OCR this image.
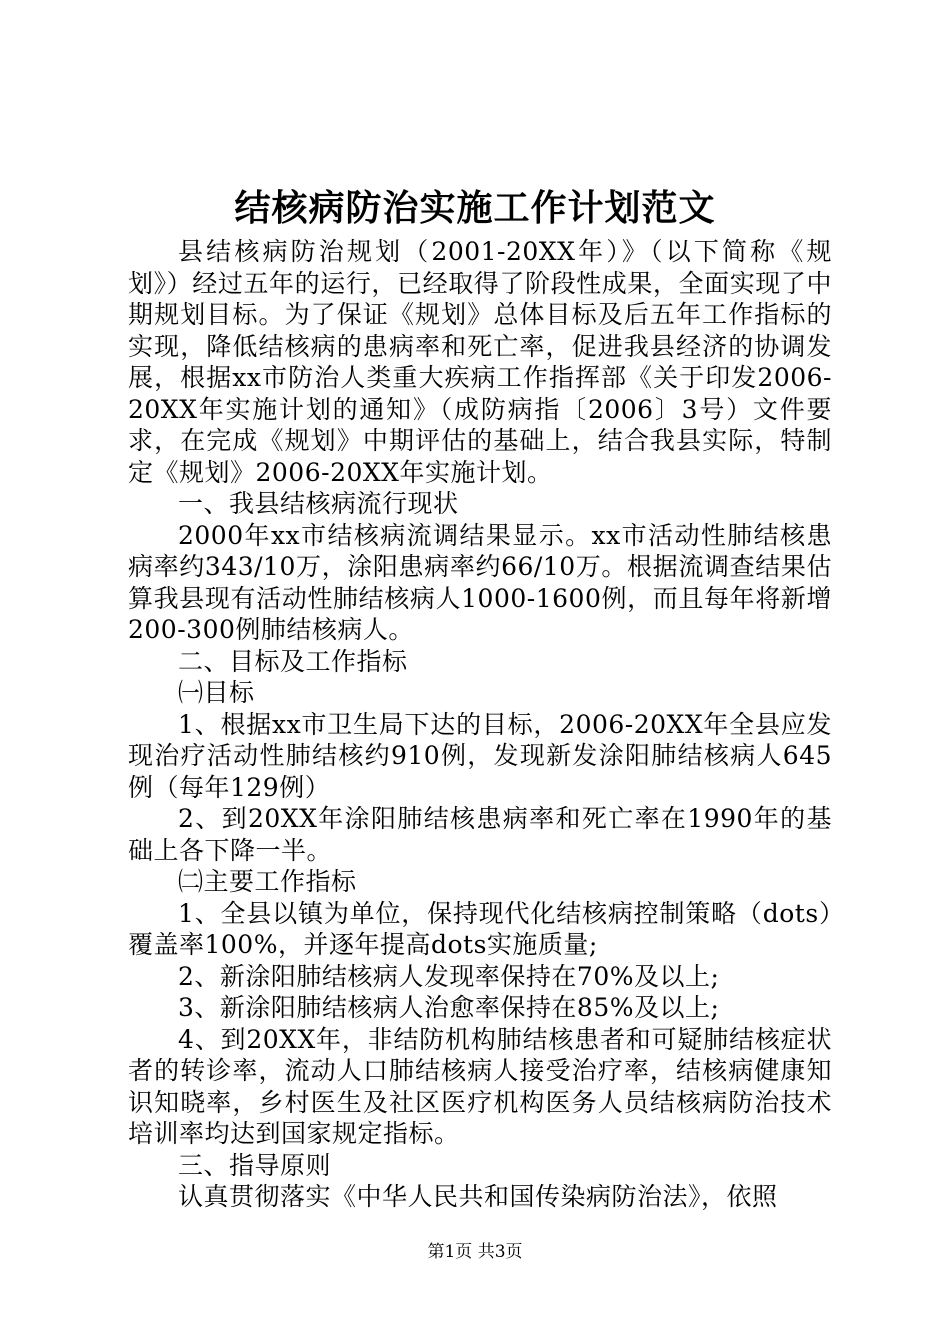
结核病防治实施工作计划范文

县结核病防治规划（2001-20XX年）》（以下简称《规划》）经过五年的运行，已经取得了阶段性成果，全面实现了中期规划目标。为了保证《规划》总体目标及后五年工作指标的实现，降低结核病的患病率和死亡率，促进我县经济的协调发展，根据xx市防治人类重大疾病工作指挥部《关于印发2006-20XX年实施计划的通知》（成防病指〔2006〕3号）文件要求，在完成《规划》中期评估的基础上，结合我县实际，特制定《规划》2006-20XX年实施计划。

一、我县结核病流行现状

2000年xx市结核病流调结果显示。xx市活动性肺结核患病率约343/10万，涂阳患病率约66/10万。根据流调查结果估算我县现有活动性肺结核病人1000-1600例，而且每年将新增200-300例肺结核病人。

二、目标及工作指标

㈠目标

1、根据xx市卫生局下达的目标，2006-20XX年全县应发现治疗活动性肺结核约910例，发现新发涂阳肺结核病人645例（每年129例）

2、到20XX年涂阳肺结核患病率和死亡率在1990年的基础上各下降一半。

㈡主要工作指标

1、全县以镇为单位，保持现代化结核病控制策略（dots）覆盖率100%，并逐年提高dots实施质量;

2、新涂阳肺结核病人发现率保持在70%及以上;

3、新涂阳肺结核病人治愈率保持在85%及以上;

4、到20XX年，非结防机构肺结核患者和可疑肺结核症状者的转诊率，流动人口肺结核病人接受治疗率，结核病健康知识知晓率，乡村医生及社区医疗机构医务人员结核病防治技术培训率均达到国家规定指标。

三、指导原则

认真贯彻落实《中华人民共和国传染病防治法》，依照

第1页 共3页
